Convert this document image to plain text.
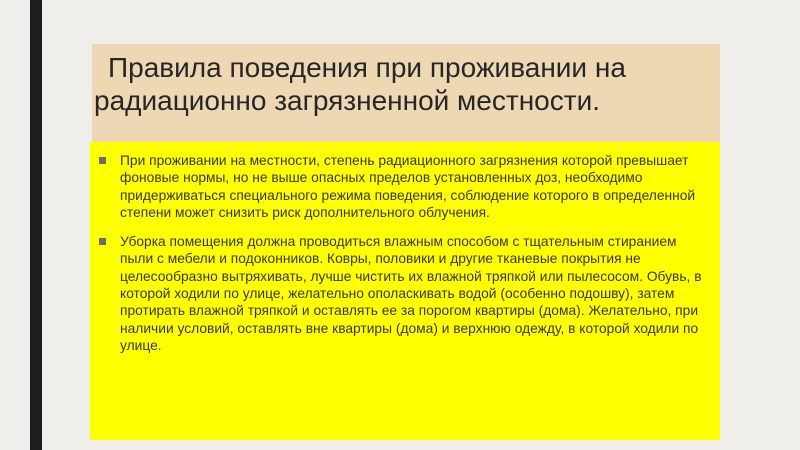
Правила поведения при проживании на радиационно загрязненной местности.
При проживании на местности, степень радиационного загрязнения которой превышает фоновые нормы, но не выше опасных пределов установленных доз, необходимо придерживаться специального режима поведения, соблюдение которого в определенной степени может снизить риск дополнительного облучения.
Уборка помещения должна проводиться влажным способом с тщательным стиранием пыли с мебели и подоконников. Ковры, половики и другие тканевые покрытия не целесообразно вытряхивать, лучше чистить их влажной тряпкой или пылесосом. Обувь, в которой ходили по улице, желательно ополаскивать водой (особенно подошву), затем протирать влажной тряпкой и оставлять ее за порогом квартиры (дома). Желательно, при наличии условий, оставлять вне квартиры (дома) и верхнюю одежду, в которой ходили по улице.
